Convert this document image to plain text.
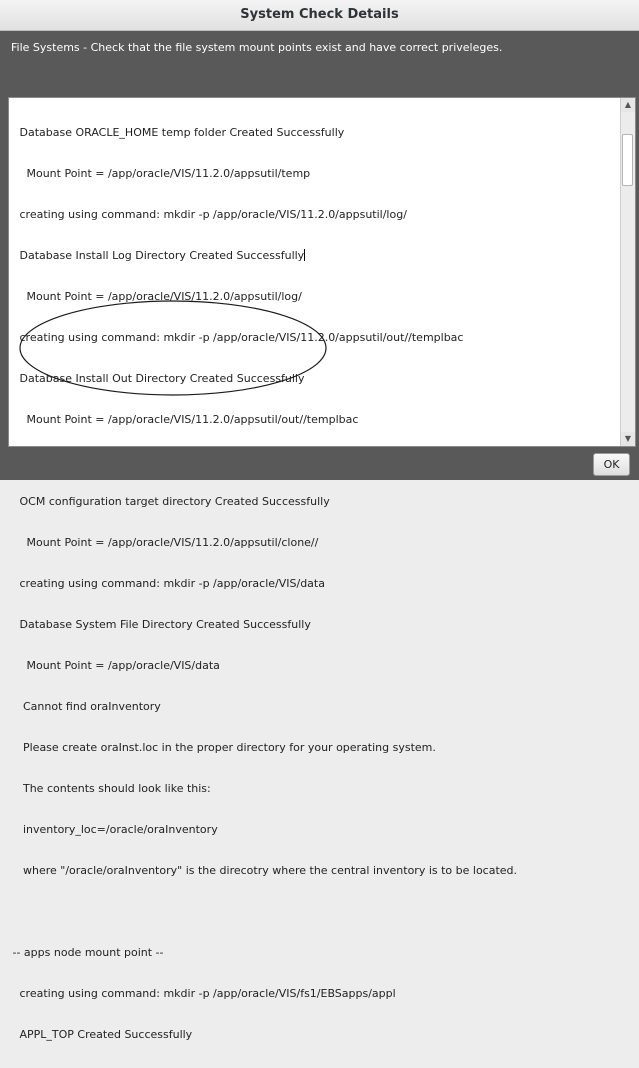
System Check Details
File Systems - Check that the file system mount points exist and have correct priveleges.

Database ORACLE_HOME temp folder Created Successfully

Mount Point = /app/oracle/VIS/11.2.0/appsutil/temp

creating using command: mkdir -p /app/oracle/VIS/11.2.0/appsutil/log/

Database Install Log Directory Created Successfully

Mount Point = /app/oracle/VIS/11.2.0/appsutil/log/

creating using command: mkdir -p /app/oracle/VIS/11.2.0/appsutil/out//templbac

Database Install Out Directory Created Successfully

Mount Point = /app/oracle/VIS/11.2.0/appsutil/out//templbac

OCM configuration target directory Created Successfully

Mount Point = /app/oracle/VIS/11.2.0/appsutil/clone//

creating using command: mkdir -p /app/oracle/VIS/data

Database System File Directory Created Successfully

Mount Point = /app/oracle/VIS/data

Cannot find oraInventory

Please create oraInst.loc in the proper directory for your operating system.

The contents should look like this:

inventory_loc=/oracle/oraInventory

where "/oracle/oraInventory" is the direcotry where the central inventory is to be located.

-- apps node mount point --

creating using command: mkdir -p /app/oracle/VIS/fs1/EBSapps/appl

APPL_TOP Created Successfully

▲
▼
OK
